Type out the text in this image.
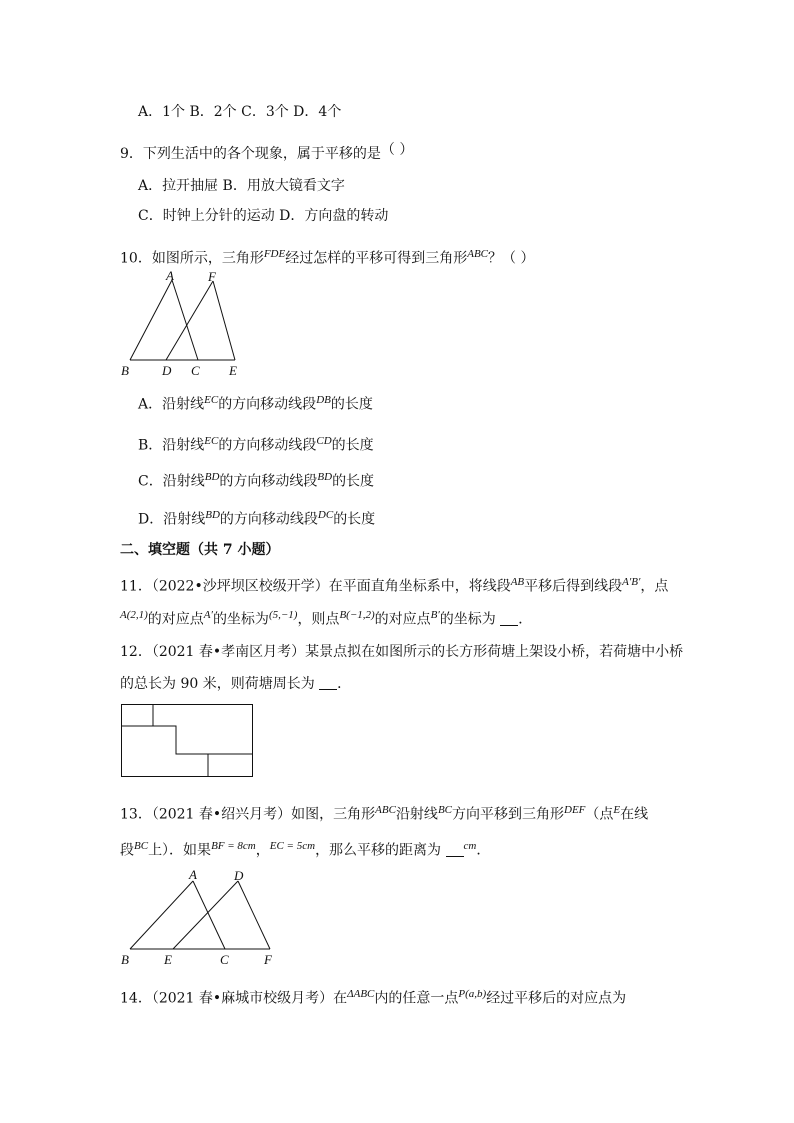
A．1个 B．2个 C．3个 D．4个
9．下列生活中的各个现象，属于平移的是（ ）
A．拉开抽屉 B．用放大镜看文字
C．时钟上分针的运动 D．方向盘的转动
10．如图所示，三角形$^{FDE}$经过怎样的平移可得到三角形$^{ABC}$？（ ）
A	F
B	D C E
A．沿射线$^{EC}$的方向移动线段$^{DB}$的长度
B．沿射线$^{EC}$的方向移动线段$^{CD}$的长度
C．沿射线$^{BD}$的方向移动线段$^{BD}$的长度
D．沿射线$^{BD}$的方向移动线段$^{DC}$的长度
二、填空题（共 7 小题）
11．（2022•沙坪坝区校级开学）在平面直角坐标系中，将线段$^{AB}$平移后得到线段$^{A'B'}$，点
$^{A(2,1)}$的对应点$^{A'}$的坐标为$^{(5,-1)}$，则点$^{B(-1,2)}$的对应点$^{B'}$的坐标为 ．
12．（2021 春•孝南区月考）某景点拟在如图所示的长方形荷塘上架设小桥，若荷塘中小桥
的总长为 90 米，则荷塘周长为 ．
13．（2021 春•绍兴月考）如图，三角形$^{ABC}$沿射线$^{BC}$方向平移到三角形$^{DEF}$（点$^E$在线
段$^{BC}$上）．如果$^{BF = 8cm}$，$^{EC = 5cm}$，那么平移的距离为 $^{cm}$．
A	D
B	E	C	F
14．（2021 春•麻城市校级月考）在$^{\Delta ABC}$内的任意一点$^{P(a,b)}$经过平移后的对应点为
